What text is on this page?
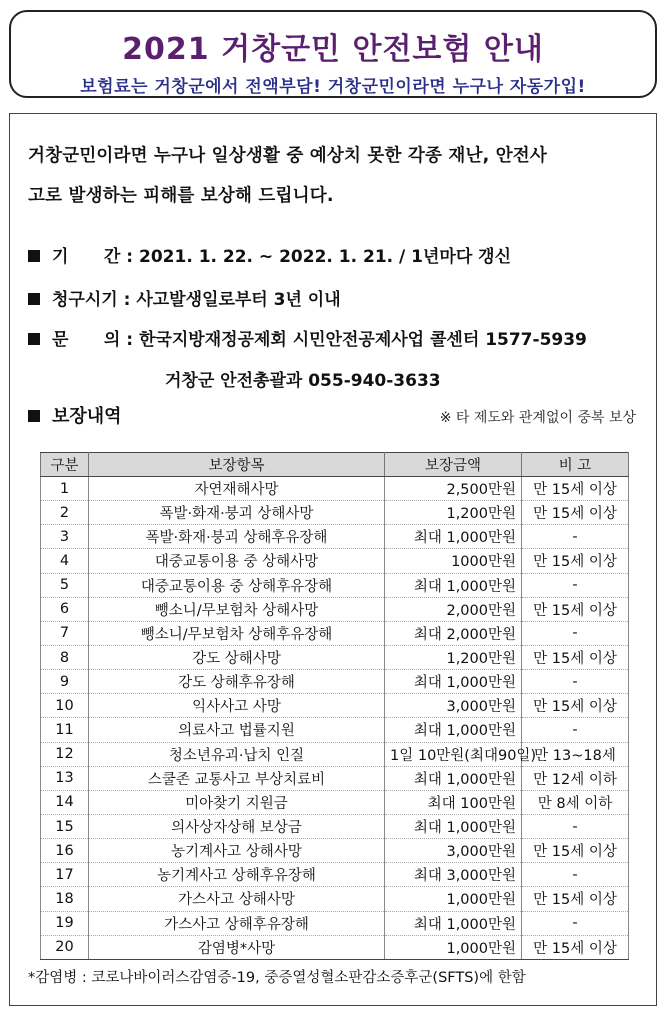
2021 거창군민 안전보험 안내
보험료는 거창군에서 전액부담! 거창군민이라면 누구나 자동가입!
거창군민이라면 누구나 일상생활 중 예상치 못한 각종 재난, 안전사
고로 발생하는 피해를 보상해 드립니다.
기      간 : 2021. 1. 22. ~ 2022. 1. 21. / 1년마다 갱신
청구시기 : 사고발생일로부터 3년 이내
문      의 : 한국지방재정공제회 시민안전공제사업 콜센터 1577-5939
거창군 안전총괄과 055-940-3633
보장내역	※ 타 제도와 관계없이 중복 보상
구분	보장항목	보장금액	비 고
1	자연재해사망	2,500만원	만 15세 이상
2	폭발·화재·붕괴 상해사망	1,200만원	만 15세 이상
3	폭발·화재·붕괴 상해후유장해	최대 1,000만원	-
4	대중교통이용 중 상해사망	1000만원	만 15세 이상
5	대중교통이용 중 상해후유장해	최대 1,000만원	-
6	뺑소니/무보험차 상해사망	2,000만원	만 15세 이상
7	뺑소니/무보험차 상해후유장해	최대 2,000만원	-
8	강도 상해사망	1,200만원	만 15세 이상
9	강도 상해후유장해	최대 1,000만원	-
10	익사사고 사망	3,000만원	만 15세 이상
11	의료사고 법률지원	최대 1,000만원	-
12	청소년유괴·납치 인질	1일 10만원(최대90일)	만 13~18세
13	스쿨존 교통사고 부상치료비	최대 1,000만원	만 12세 이하
14	미아찾기 지원금	최대 100만원	만 8세 이하
15	의사상자상해 보상금	최대 1,000만원	-
16	농기계사고 상해사망	3,000만원	만 15세 이상
17	농기계사고 상해후유장해	최대 3,000만원	-
18	가스사고 상해사망	1,000만원	만 15세 이상
19	가스사고 상해후유장해	최대 1,000만원	-
20	감염병*사망	1,000만원	만 15세 이상
*감염병 : 코로나바이러스감염증-19, 중증열성혈소판감소증후군(SFTS)에 한함
